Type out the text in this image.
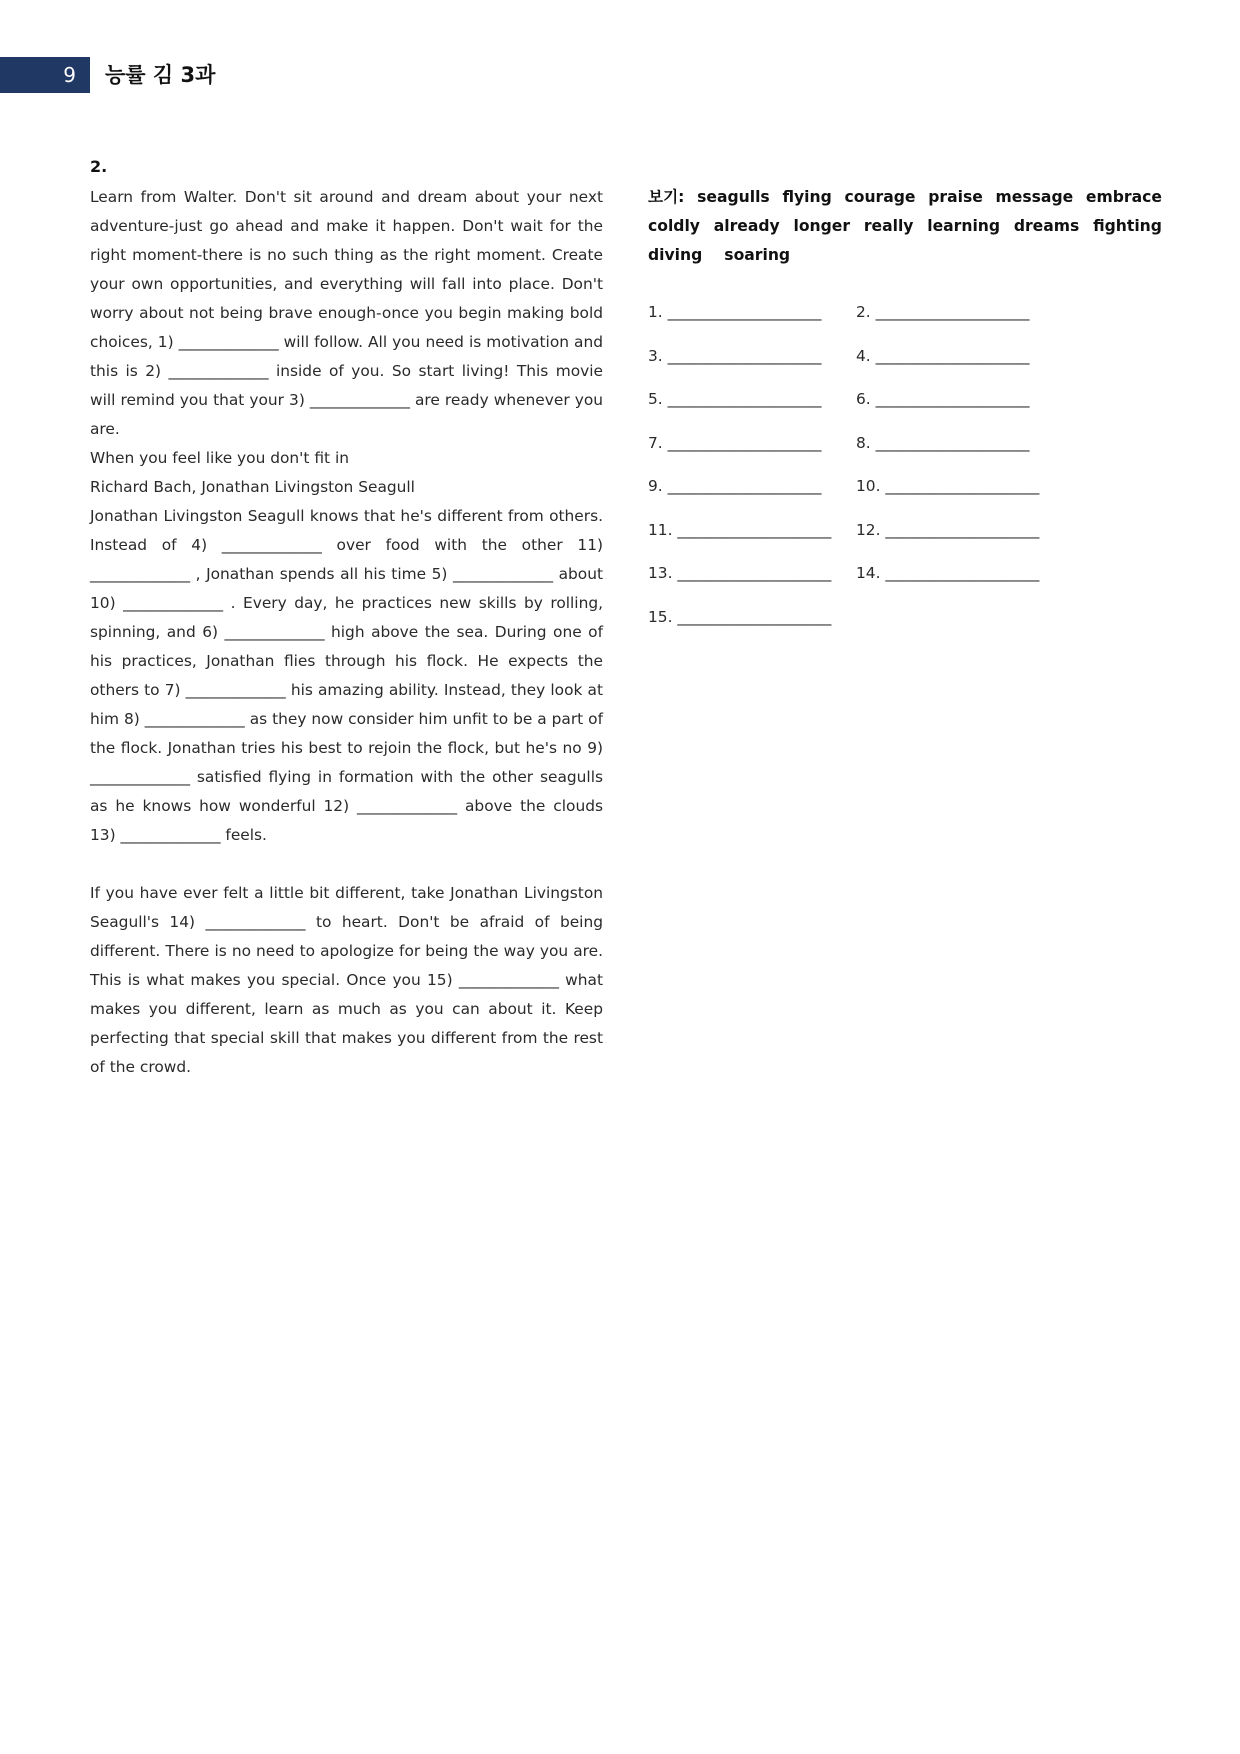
9	능률 김 3과
2.

Learn from Walter. Don't sit around and dream about your next adventure-just go ahead and make it happen. Don't wait for the right moment-there is no such thing as the right moment. Create your own opportunities, and everything will fall into place. Don't worry about not being brave enough-once you begin making bold choices, 1) _____________ will follow. All you need is motivation and this is 2) _____________ inside of you. So start living! This movie will remind you that your 3) _____________ are ready whenever you are.

When you feel like you don't fit in

Richard Bach, Jonathan Livingston Seagull

Jonathan Livingston Seagull knows that he's different from others. Instead of 4) _____________ over food with the other 11) _____________ , Jonathan spends all his time 5) _____________ about 10) _____________ . Every day, he practices new skills by rolling, spinning, and 6) _____________ high above the sea. During one of his practices, Jonathan flies through his flock. He expects the others to 7) _____________ his amazing ability. Instead, they look at him 8) _____________ as they now consider him unfit to be a part of the flock. Jonathan tries his best to rejoin the flock, but he's no 9) _____________ satisfied flying in formation with the other seagulls as he knows how wonderful 12) _____________ above the clouds 13) _____________ feels.

If you have ever felt a little bit different, take Jonathan Livingston Seagull's 14) _____________ to heart. Don't be afraid of being different. There is no need to apologize for being the way you are. This is what makes you special. Once you 15) _____________ what makes you different, learn as much as you can about it. Keep perfecting that special skill that makes you different from the rest of the crowd.

보기: seagulls flying courage praise message embrace
coldly already longer really learning dreams fighting
diving soaring
1. ____________________ 2. ____________________
3. ____________________ 4. ____________________
5. ____________________ 6. ____________________
7. ____________________ 8. ____________________
9. ____________________ 10. ____________________
11. ____________________ 12. ____________________
13. ____________________ 14. ____________________
15. ____________________
